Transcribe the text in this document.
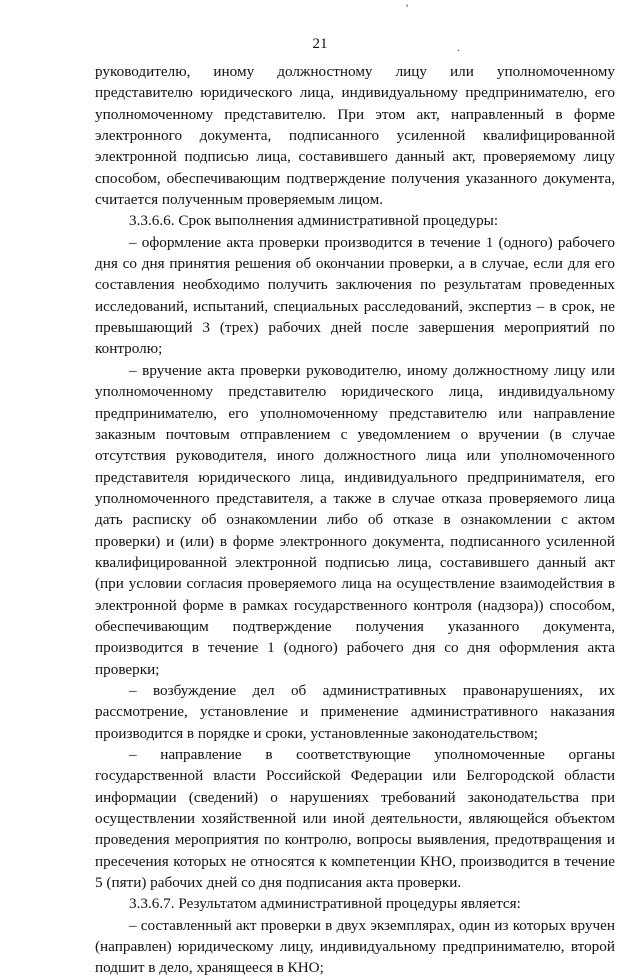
'
.
21

руководителю, иному должностному лицу или уполномоченному представителю юридического лица, индивидуальному предпринимателю, его уполномоченному представителю. При этом акт, направленный в форме электронного документа, подписанного усиленной квалифицированной электронной подписью лица, составившего данный акт, проверяемому лицу способом, обеспечивающим подтверждение получения указанного документа, считается полученным проверяемым лицом.

3.3.6.6. Срок выполнения административной процедуры:

– оформление акта проверки производится в течение 1 (одного) рабочего дня со дня принятия решения об окончании проверки, а в случае, если для его составления необходимо получить заключения по результатам проведенных исследований, испытаний, специальных расследований, экспертиз – в срок, не превышающий 3 (трех) рабочих дней после завершения мероприятий по контролю;

– вручение акта проверки руководителю, иному должностному лицу или уполномоченному представителю юридического лица, индивидуальному предпринимателю, его уполномоченному представителю или направление заказным почтовым отправлением с уведомлением о вручении (в случае отсутствия руководителя, иного должностного лица или уполномоченного представителя юридического лица, индивидуального предпринимателя, его уполномоченного представителя, а также в случае отказа проверяемого лица дать расписку об ознакомлении либо об отказе в ознакомлении с актом проверки) и (или) в форме электронного документа, подписанного усиленной квалифицированной электронной подписью лица, составившего данный акт (при условии согласия проверяемого лица на осуществление взаимодействия в электронной форме в рамках государственного контроля (надзора)) способом, обеспечивающим подтверждение получения указанного документа, производится в течение 1 (одного) рабочего дня со дня оформления акта проверки;

– возбуждение дел об административных правонарушениях, их рассмотрение, установление и применение административного наказания производится в порядке и сроки, установленные законодательством;

– направление в соответствующие уполномоченные органы государственной власти Российской Федерации или Белгородской области информации (сведений) о нарушениях требований законодательства при осуществлении хозяйственной или иной деятельности, являющейся объектом проведения мероприятия по контролю, вопросы выявления, предотвращения и пресечения которых не относятся к компетенции КНО, производится в течение 5 (пяти) рабочих дней со дня подписания акта проверки.

3.3.6.7. Результатом административной процедуры является:

– составленный акт проверки в двух экземплярах, один из которых вручен (направлен) юридическому лицу, индивидуальному предпринимателю, второй подшит в дело, хранящееся в КНО;
